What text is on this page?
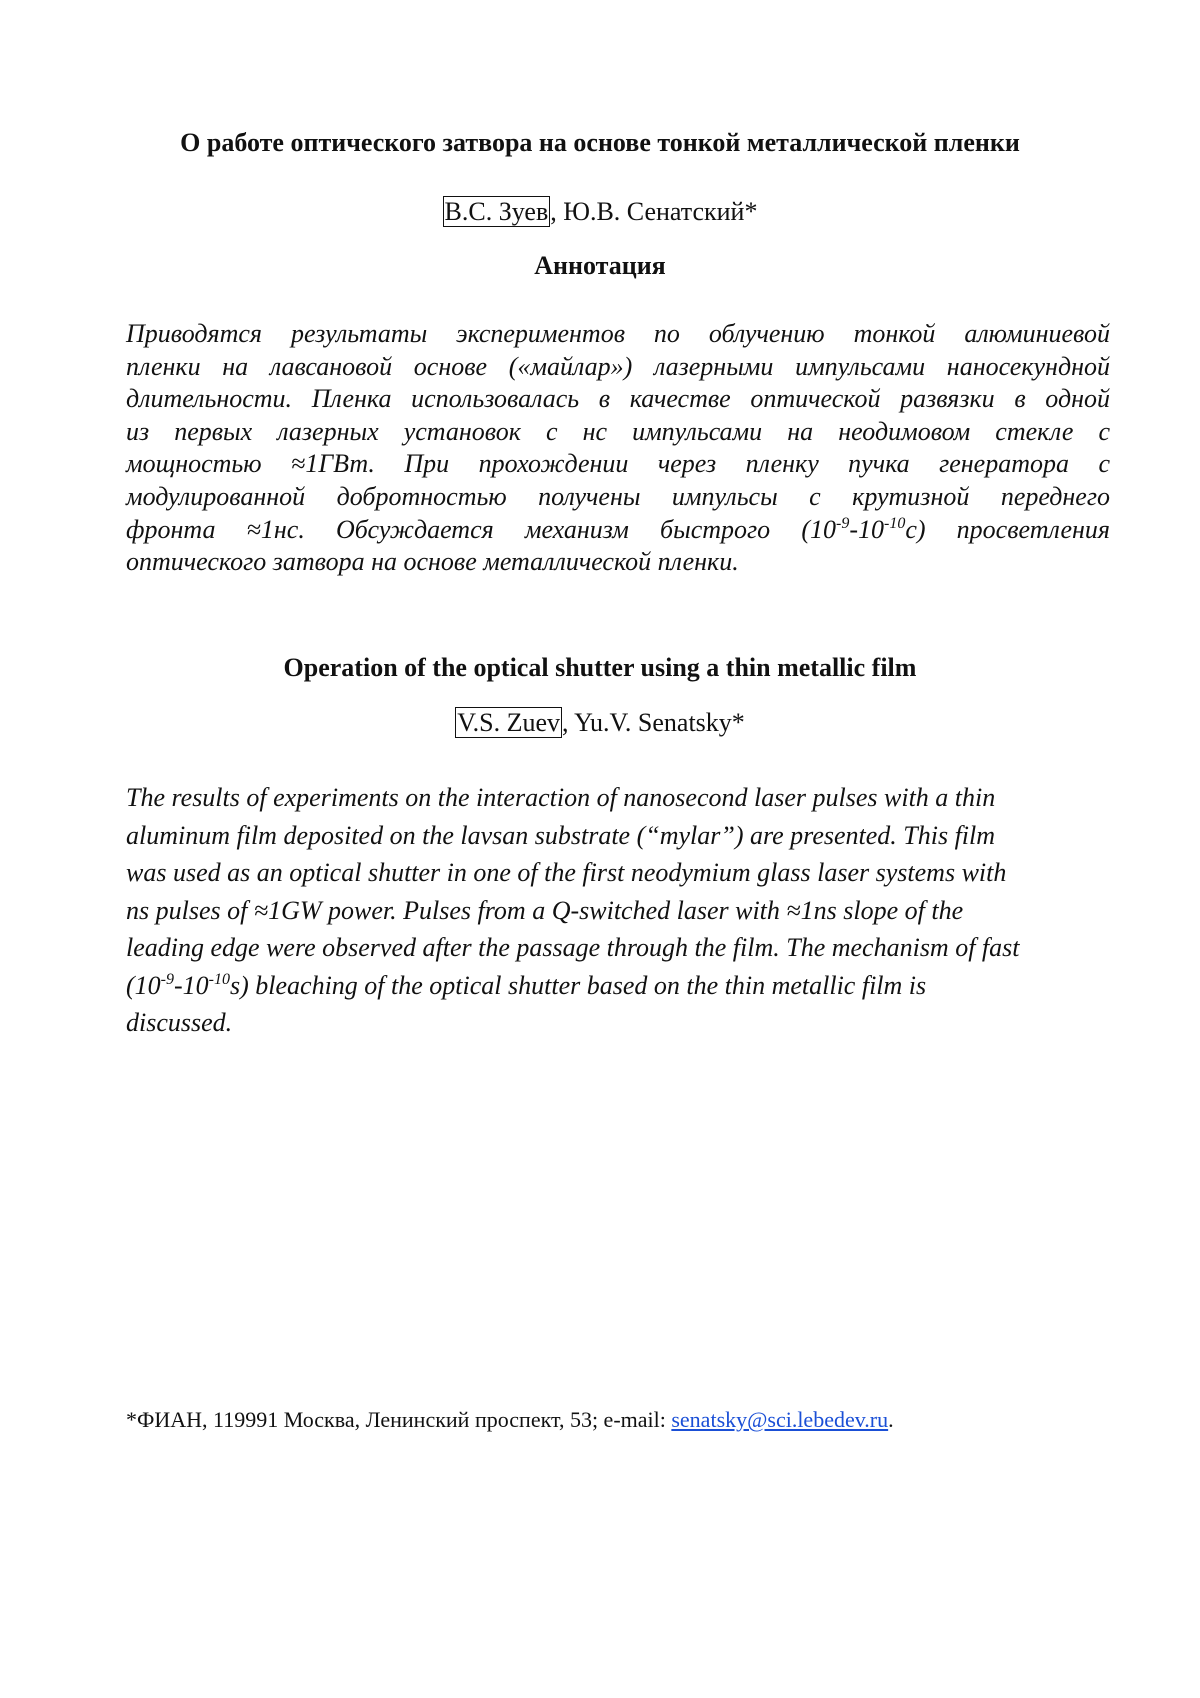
О работе оптического затвора на основе тонкой металлической пленки
В.С. Зуев, Ю.В. Сенатский*
Аннотация
Приводятся результаты экспериментов по облучению тонкой алюминиевой
пленки на лавсановой основе («майлар») лазерными импульсами наносекундной
длительности. Пленка использовалась в качестве оптической развязки в одной
из первых лазерных установок с нс импульсами на неодимовом стекле с
мощностью ≈1ГВт. При прохождении через пленку пучка генератора с
модулированной добротностью получены импульсы с крутизной переднего
фронта ≈1нс. Обсуждается механизм быстрого $(10^{-9}-10^{-10}с)$ просветления
оптического затвора на основе металлической пленки.
Operation of the optical shutter using a thin metallic film
V.S. Zuev, Yu.V. Senatsky*
The results of experiments on the interaction of nanosecond laser pulses with a thin
aluminum film deposited on the lavsan substrate (“mylar”) are presented. This film
was used as an optical shutter in one of the first neodymium glass laser systems with
ns pulses of ≈1GW power. Pulses from a Q-switched laser with ≈1ns slope of the
leading edge were observed after the passage through the film. The mechanism of fast
$(10^{-9}-10^{-10}s)$ bleaching of the optical shutter based on the thin metallic film is
discussed.
*ФИАН, 119991 Москва, Ленинский проспект, 53; e-mail: senatsky@sci.lebedev.ru.
